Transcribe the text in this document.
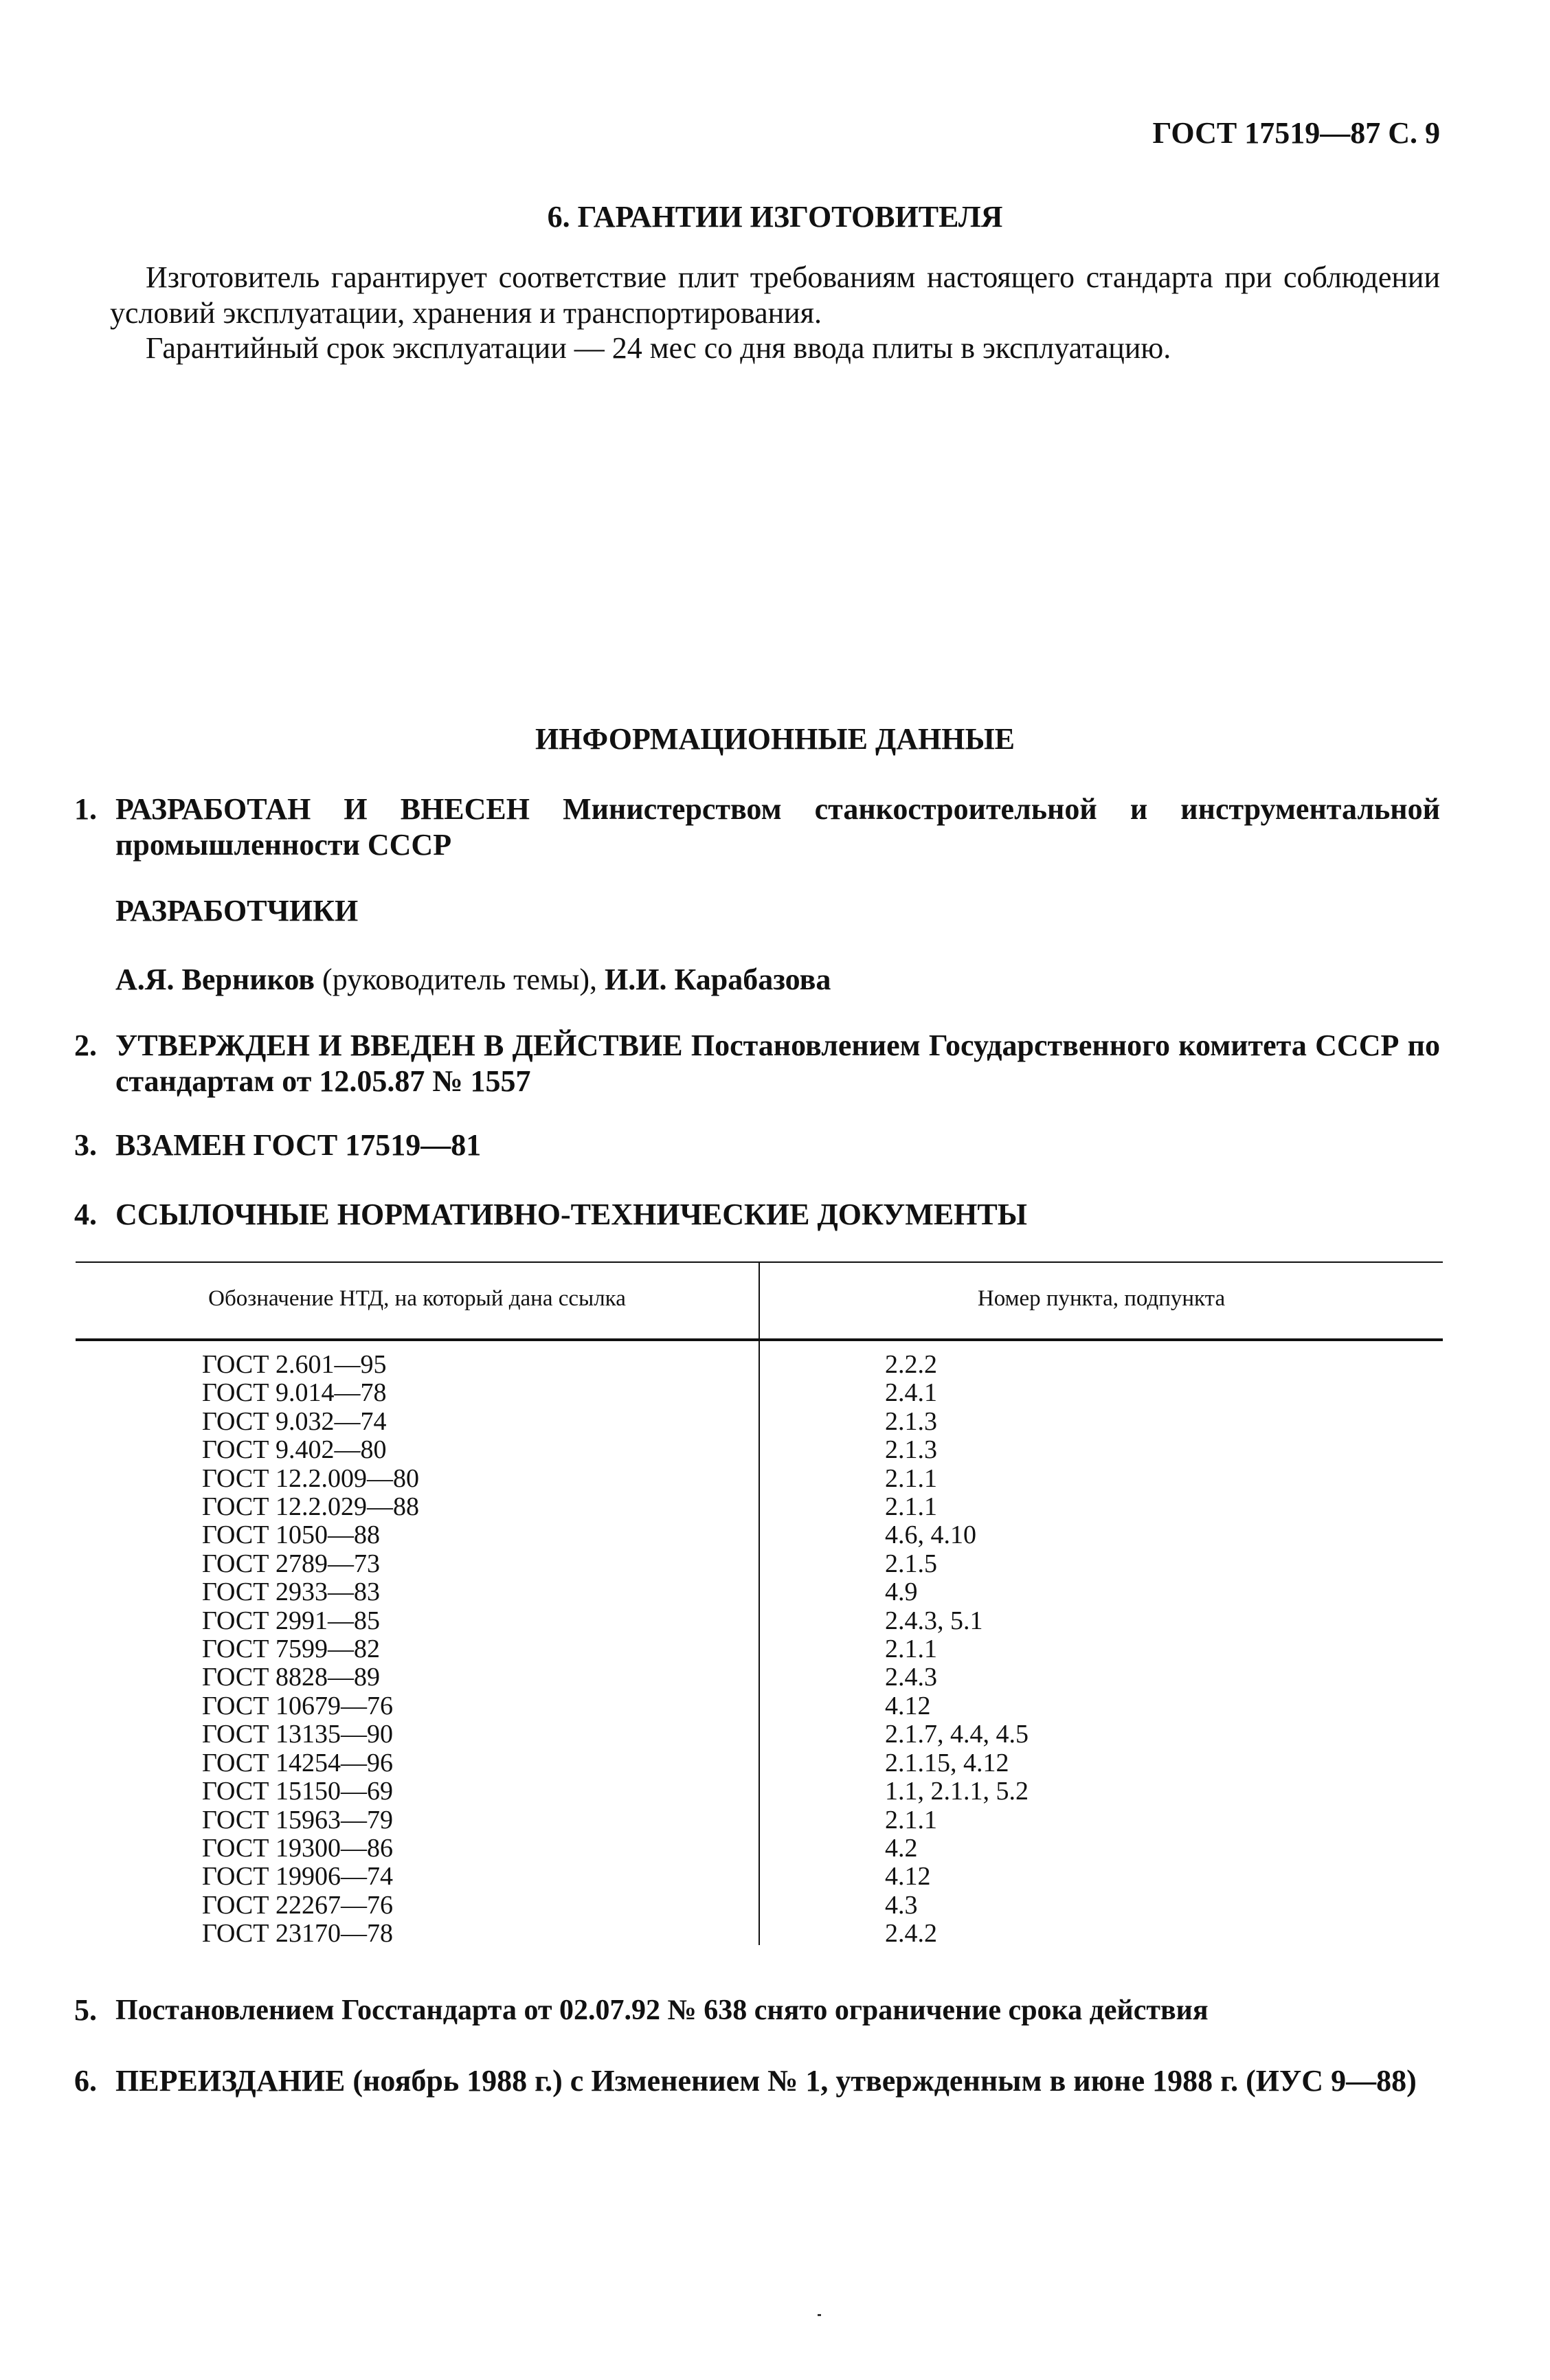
ГОСТ 17519—87 С. 9
6. ГАРАНТИИ ИЗГОТОВИТЕЛЯ
Изготовитель гарантирует соответствие плит требованиям настоящего стандарта при соблюдении условий эксплуатации, хранения и транспортирования.
Гарантийный срок эксплуатации — 24 мес со дня ввода плиты в эксплуатацию.
ИНФОРМАЦИОННЫЕ ДАННЫЕ
1. РАЗРАБОТАН И ВНЕСЕН Министерством станкостроительной и инструментальной промышленности СССР
РАЗРАБОТЧИКИ
А.Я. Верников (руководитель темы), И.И. Карабазова
2. УТВЕРЖДЕН И ВВЕДЕН В ДЕЙСТВИЕ Постановлением Государственного комитета СССР по стандартам от 12.05.87 № 1557
3. ВЗАМЕН ГОСТ 17519—81
4. ССЫЛОЧНЫЕ НОРМАТИВНО-ТЕХНИЧЕСКИЕ ДОКУМЕНТЫ
Обозначение НТД, на который дана ссылка	Номер пункта, подпункта
ГОСТ 2.601—95
ГОСТ 9.014—78
ГОСТ 9.032—74
ГОСТ 9.402—80
ГОСТ 12.2.009—80
ГОСТ 12.2.029—88
ГОСТ 1050—88
ГОСТ 2789—73
ГОСТ 2933—83
ГОСТ 2991—85
ГОСТ 7599—82
ГОСТ 8828—89
ГОСТ 10679—76
ГОСТ 13135—90
ГОСТ 14254—96
ГОСТ 15150—69
ГОСТ 15963—79
ГОСТ 19300—86
ГОСТ 19906—74
ГОСТ 22267—76
ГОСТ 23170—78
2.2.2
2.4.1
2.1.3
2.1.3
2.1.1
2.1.1
4.6, 4.10
2.1.5
4.9
2.4.3, 5.1
2.1.1
2.4.3
4.12
2.1.7, 4.4, 4.5
2.1.15, 4.12
1.1, 2.1.1, 5.2
2.1.1
4.2
4.12
4.3
2.4.2
5. Постановлением Госстандарта от 02.07.92 № 638 снято ограничение срока действия
6. ПЕРЕИЗДАНИЕ (ноябрь 1988 г.) с Изменением № 1, утвержденным в июне 1988 г. (ИУС 9—88)
